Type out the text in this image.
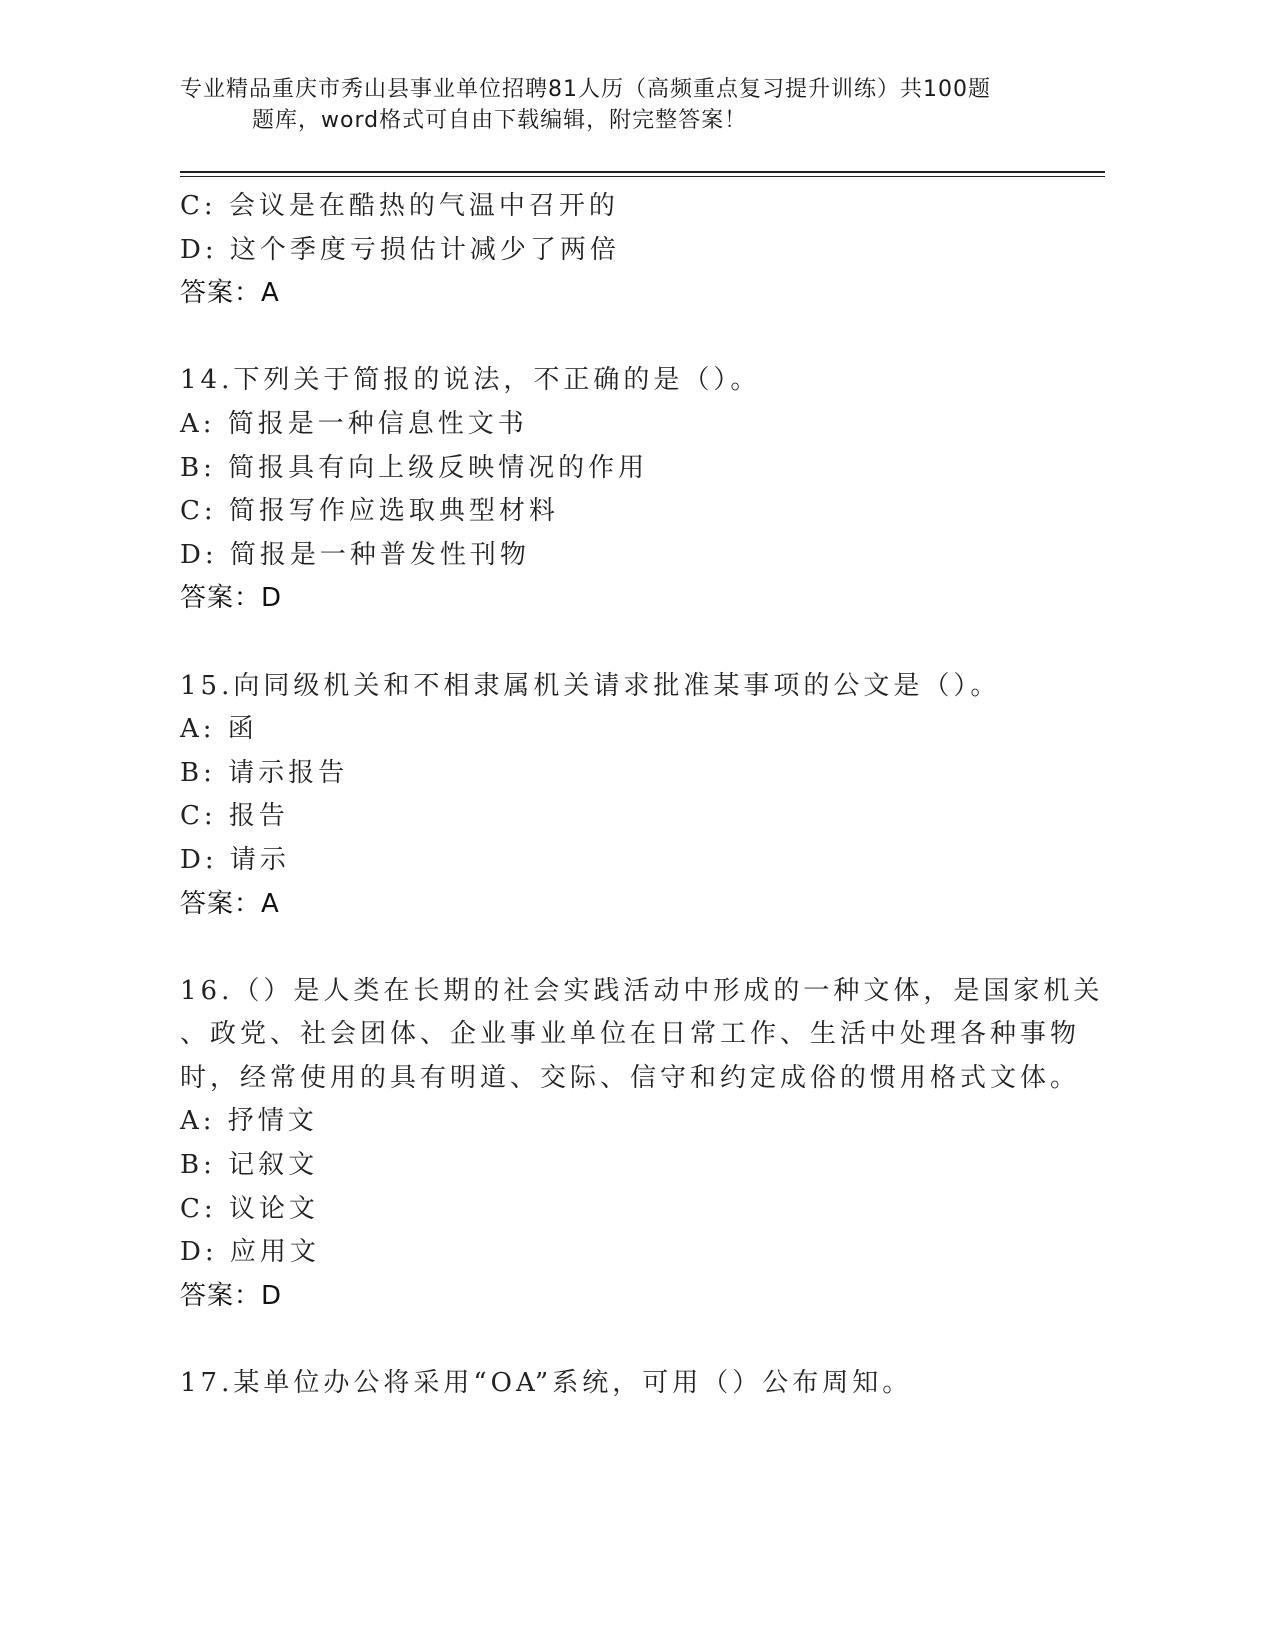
专业精品重庆市秀山县事业单位招聘81人历（高频重点复习提升训练）共100题
题库，word格式可自由下载编辑，附完整答案！
C: 会议是在酷热的气温中召开的
D: 这个季度亏损估计减少了两倍
答案：A
14.下列关于简报的说法，不正确的是（）。
A: 简报是一种信息性文书
B: 简报具有向上级反映情况的作用
C: 简报写作应选取典型材料
D: 简报是一种普发性刊物
答案：D
15.向同级机关和不相隶属机关请求批准某事项的公文是（）。
A: 函
B: 请示报告
C: 报告
D: 请示
答案：A
16.（）是人类在长期的社会实践活动中形成的一种文体，是国家机关
、政党、社会团体、企业事业单位在日常工作、生活中处理各种事物
时，经常使用的具有明道、交际、信守和约定成俗的惯用格式文体。
A: 抒情文
B: 记叙文
C: 议论文
D: 应用文
答案：D
17.某单位办公将采用“OA”系统，可用（）公布周知。
